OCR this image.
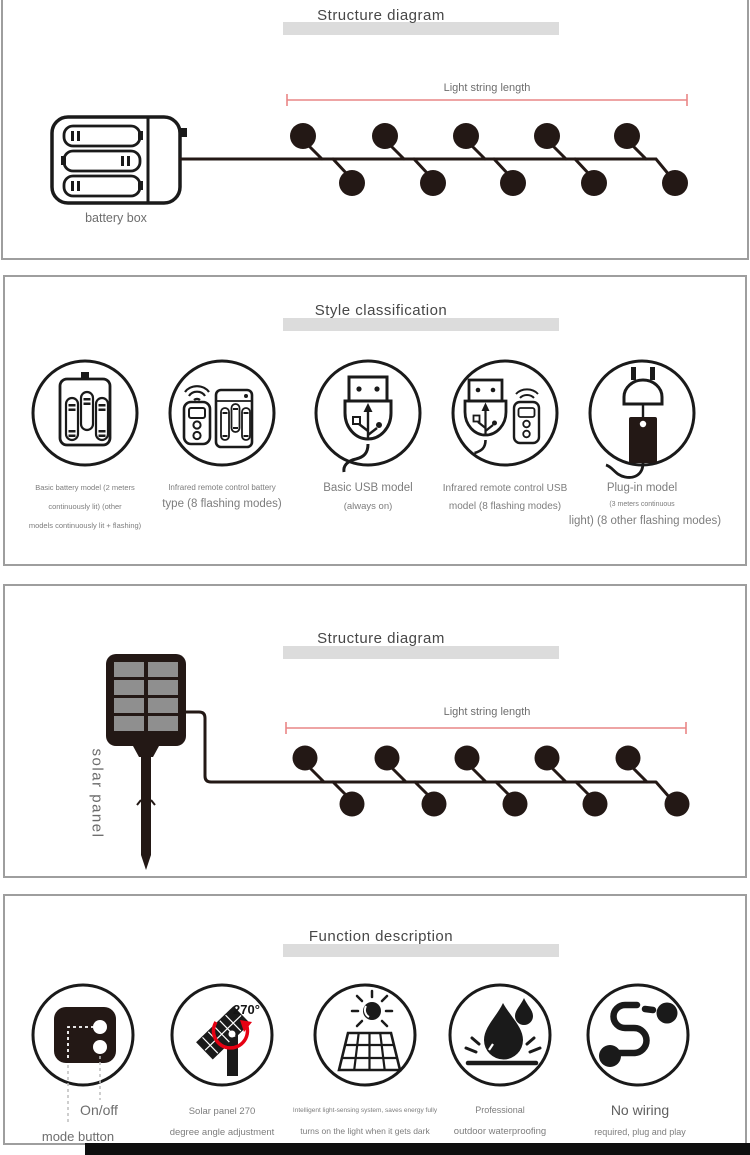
Structure diagram
Style classification
Structure diagram
Function description
Light string length
battery box
Basic battery model (2 meters
continuously lit) (other
models continuously lit + flashing)
Infrared remote control battery
type (8 flashing modes)
Basic USB model
(always on)
Infrared remote control USB
model (8 flashing modes)
Plug-in model
(3 meters continuous
light) (8 other flashing modes)
Light string length
solar panel
On/off
mode button
270°
Solar panel 270
degree angle adjustment
Intelligent light-sensing system, saves energy fully
turns on the light when it gets dark
Professional
outdoor waterproofing
No wiring
required, plug and play
